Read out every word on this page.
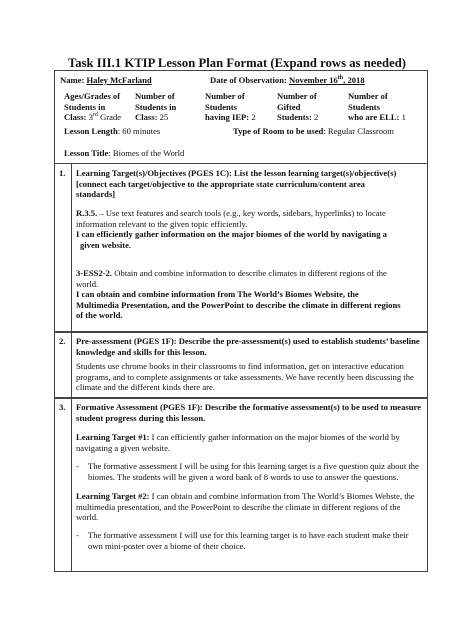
Task III.1 KTIP Lesson Plan Format (Expand rows as needed)
Name: Haley McFarland	Date of Observation: November 16th, 2018
Ages/Grades of
Students in
Class: 3rd Grade
Number of
Students in
Class: 25
Number of
Students
having IEP: 2
Number of
Gifted
Students: 2
Number of
Students
who are ELL: 1
Lesson Length: 60 minutes	Type of Room to be used: Regular Classroom
Lesson Title: Biomes of the World
1. Learning Target(s)/Objectives (PGES 1C): List the lesson learning target(s)/objective(s)
[connect each target/objective to the appropriate state curriculum/content area
standards]
R.3.5. – Use text features and search tools (e.g., key words, sidebars, hyperlinks) to locate
information relevant to the given topic efficiently.
I can efficiently gather information on the major biomes of the world by navigating a
given website.
3-ESS2-2. Obtain and combine information to describe climates in different regions of the
world.
I can obtain and combine information from The World’s Biomes Website, the
Multimedia Presentation, and the PowerPoint to describe the climate in different regions
of the world.
2. Pre-assessment (PGES 1F): Describe the pre-assessment(s) used to establish students’ baseline
knowledge and skills for this lesson.
Students use chrome books in their classrooms to find information, get on interactive education
programs, and to complete assignments or take assessments. We have recently been discussing the
climate and the different kinds there are.
3. Formative Assessment (PGES 1F): Describe the formative assessment(s) to be used to measure
student progress during this lesson.
Learning Target #1: I can efficiently gather information on the major biomes of the world by
navigating a given website.
- The formative assessment I will be using for this learning target is a five question quiz about the
biomes. The students will be given a word bank of 8 words to use to answer the questions.
Learning Target #2: I can obtain and combine information from The World’s Biomes Webste, the
multimedia presentation, and the PowerPoint to describe the climate in different regions of the
world.
- The formative assessment I will use for this learning target is to have each student make their
own mini-poster over a biome of their choice.
